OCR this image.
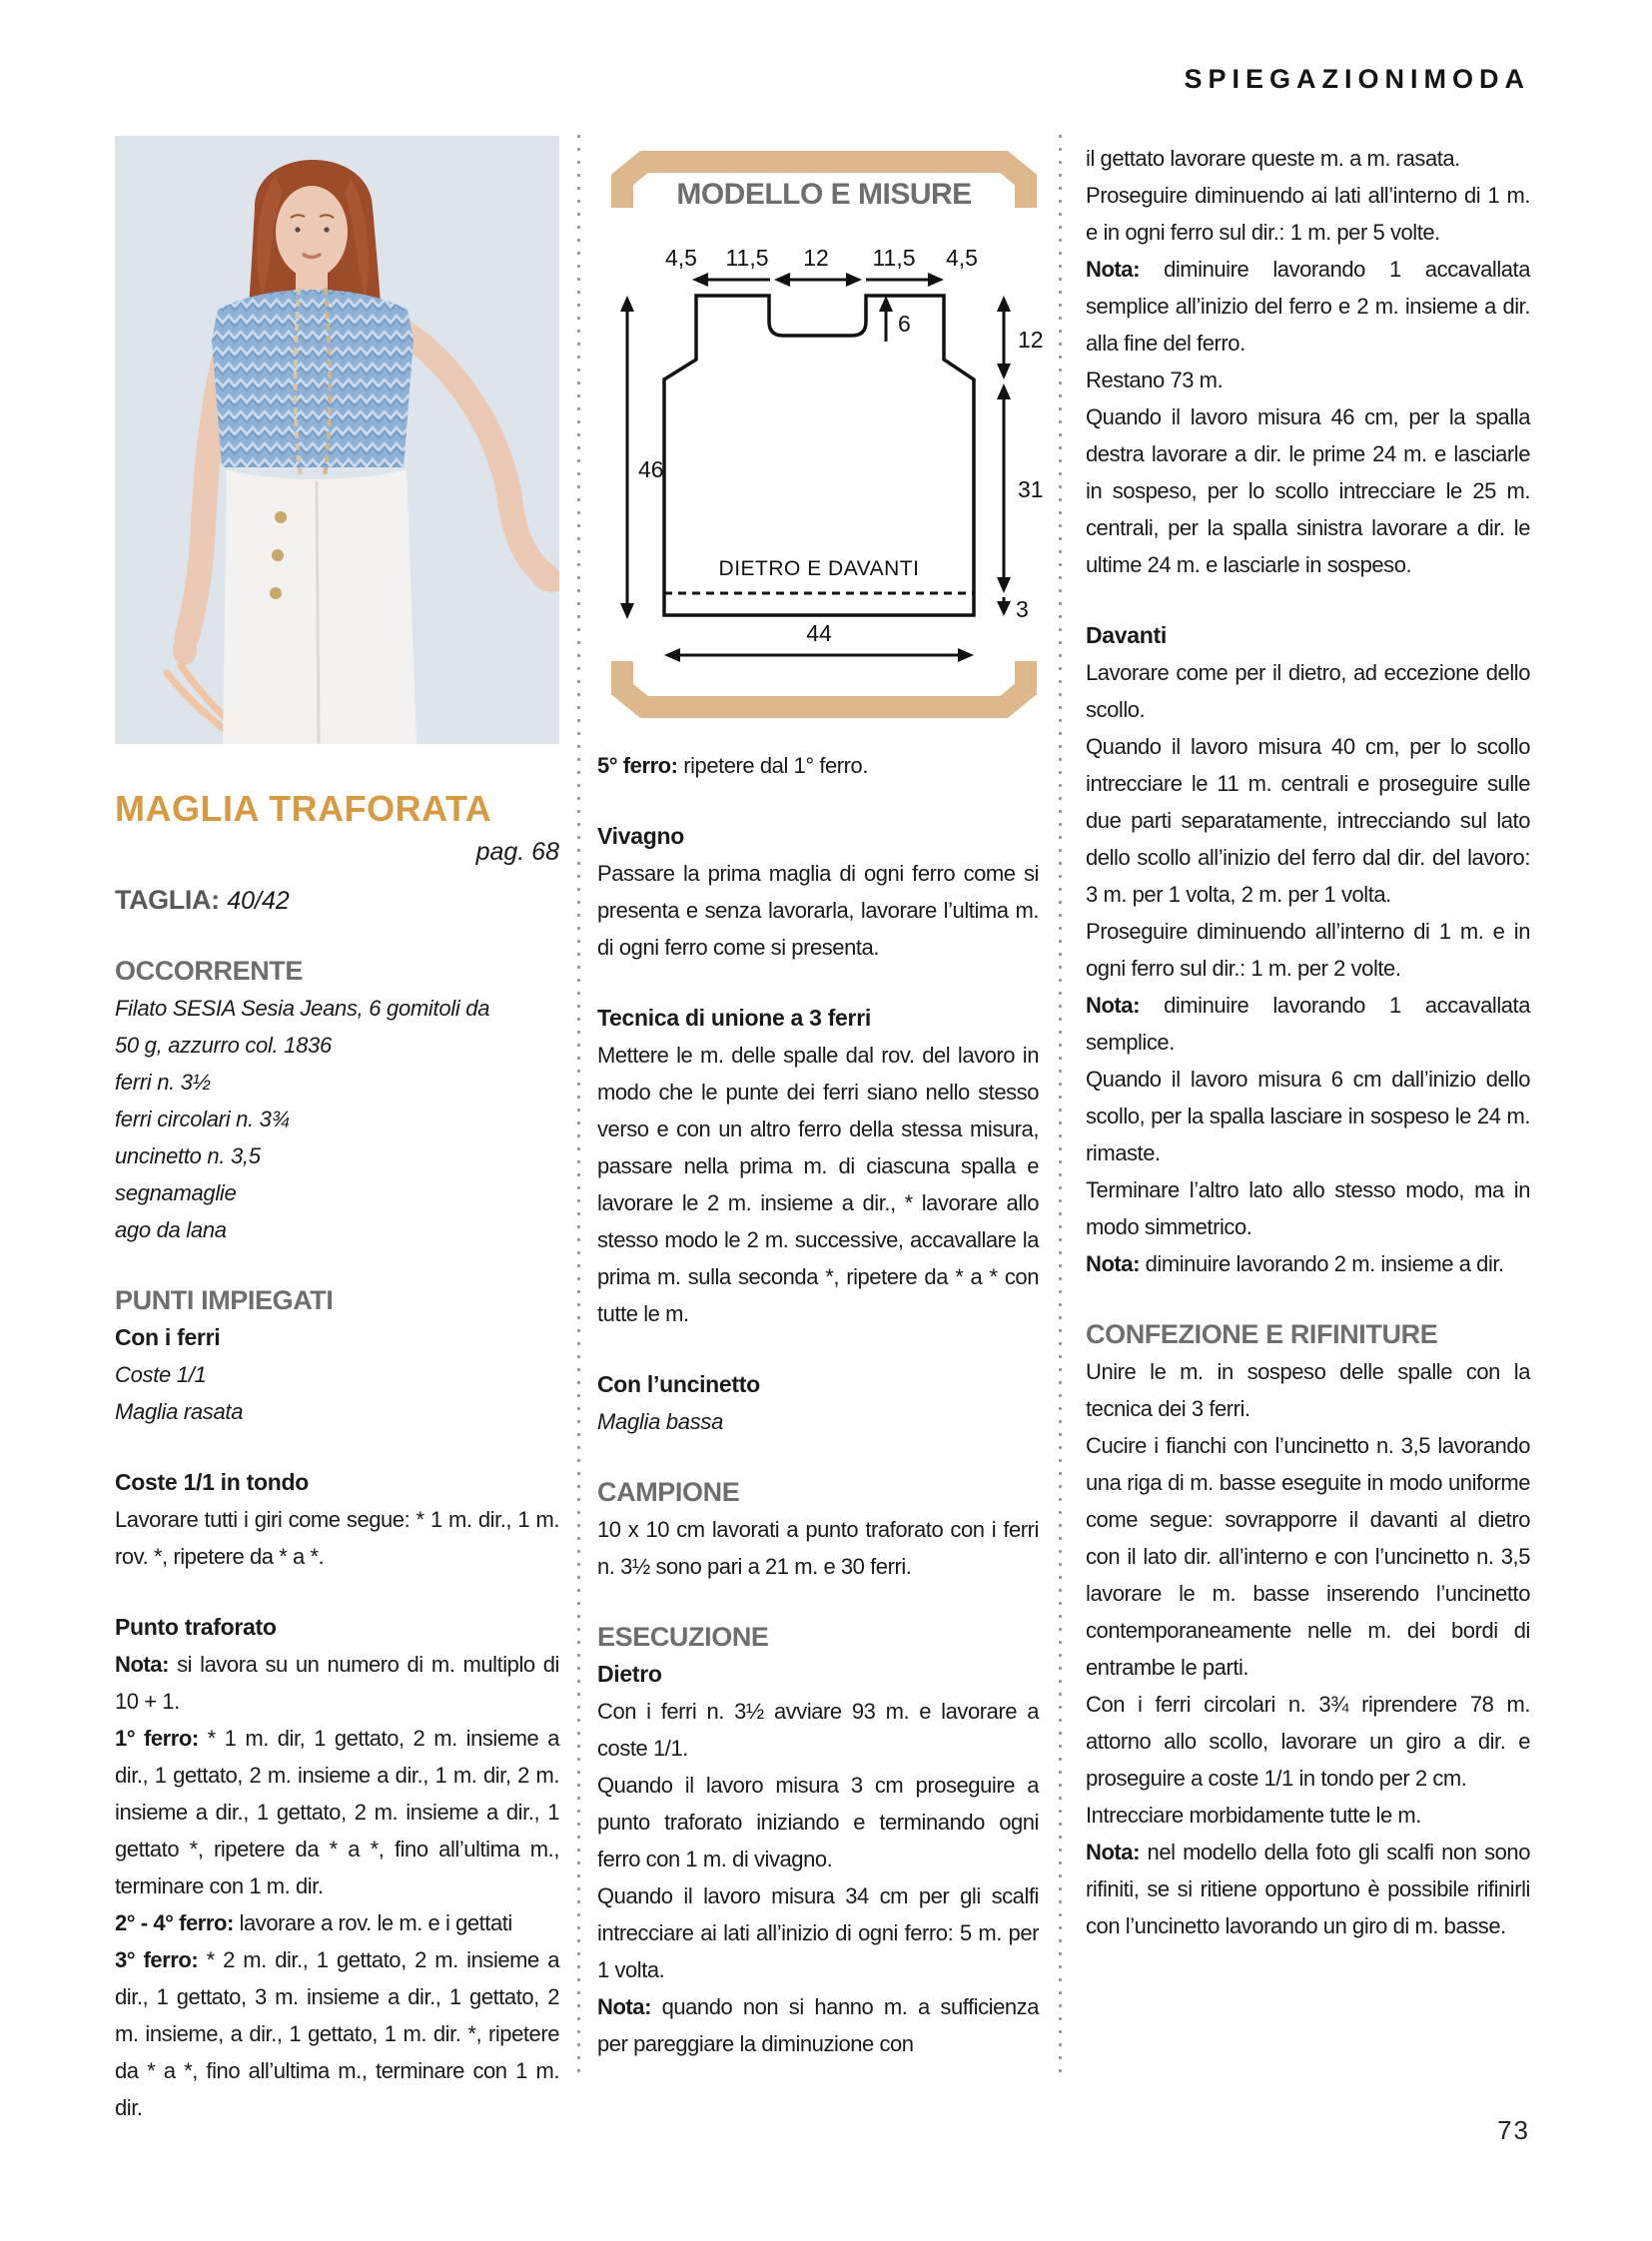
SPIEGAZIONIMODA
MAGLIA TRAFORATA
pag. 68
TAGLIA: 40/42
OCCORRENTE
Filato SESIA Sesia Jeans, 6 gomitoli da
50 g, azzurro col. 1836
ferri n. 3½
ferri circolari n. 3¾
uncinetto n. 3,5
segnamaglie
ago da lana
PUNTI IMPIEGATI
Con i ferri
Coste 1/1
Maglia rasata
Coste 1/1 in tondo
Lavorare tutti i giri come segue: * 1 m. dir., 1 m. rov. *, ripetere da * a *.
Punto traforato
Nota: si lavora su un numero di m. multiplo di 10 + 1.
1° ferro: * 1 m. dir, 1 gettato, 2 m. insieme a dir., 1 gettato, 2 m. insieme a dir., 1 m. dir, 2 m. insieme a dir., 1 gettato, 2 m. insieme a dir., 1 gettato *, ripetere da * a *, fino all’ultima m., terminare con 1 m. dir.
2° - 4° ferro: lavorare a rov. le m. e i gettati
3° ferro: * 2 m. dir., 1 gettato, 2 m. insieme a dir., 1 gettato, 3 m. insieme a dir., 1 gettato, 2 m. insieme, a dir., 1 gettato, 1 m. dir. *, ripetere da * a *, fino all’ultima m., terminare con 1 m. dir.
MODELLO E MISURE
4,5 11,5 12 11,5 4,5
DIETRO E DAVANTI
6
46
12
31
3
44
5° ferro: ripetere dal 1° ferro.
Vivagno
Passare la prima maglia di ogni ferro come si presenta e senza lavorarla, lavorare l’ultima m. di ogni ferro come si presenta.
Tecnica di unione a 3 ferri
Mettere le m. delle spalle dal rov. del lavoro in modo che le punte dei ferri siano nello stesso verso e con un altro ferro della stessa misura, passare nella prima m. di ciascuna spalla e lavorare le 2 m. insieme a dir., * lavorare allo stesso modo le 2 m. successive, accavallare la prima m. sulla seconda *, ripetere da * a * con tutte le m.
Con l’uncinetto
Maglia bassa
CAMPIONE
10 x 10 cm lavorati a punto traforato con i ferri n. 3½ sono pari a 21 m. e 30 ferri.
ESECUZIONE
Dietro
Con i ferri n. 3½ avviare 93 m. e lavorare a coste 1/1.
Quando il lavoro misura 3 cm proseguire a punto traforato iniziando e terminando ogni ferro con 1 m. di vivagno.
Quando il lavoro misura 34 cm per gli scalfi intrecciare ai lati all’inizio di ogni ferro: 5 m. per 1 volta.
Nota: quando non si hanno m. a sufficienza per pareggiare la diminuzione con
il gettato lavorare queste m. a m. rasata.
Proseguire diminuendo ai lati all’interno di 1 m. e in ogni ferro sul dir.: 1 m. per 5 volte.
Nota: diminuire lavorando 1 accavallata semplice all’inizio del ferro e 2 m. insieme a dir. alla fine del ferro.
Restano 73 m.
Quando il lavoro misura 46 cm, per la spalla destra lavorare a dir. le prime 24 m. e lasciarle in sospeso, per lo scollo intrecciare le 25 m. centrali, per la spalla sinistra lavorare a dir. le ultime 24 m. e lasciarle in sospeso.
Davanti
Lavorare come per il dietro, ad eccezione dello scollo.
Quando il lavoro misura 40 cm, per lo scollo intrecciare le 11 m. centrali e proseguire sulle due parti separatamente, intrecciando sul lato dello scollo all’inizio del ferro dal dir. del lavoro: 3 m. per 1 volta, 2 m. per 1 volta.
Proseguire diminuendo all’interno di 1 m. e in ogni ferro sul dir.: 1 m. per 2 volte.
Nota: diminuire lavorando 1 accavallata semplice.
Quando il lavoro misura 6 cm dall’inizio dello scollo, per la spalla lasciare in sospeso le 24 m. rimaste.
Terminare l’altro lato allo stesso modo, ma in modo simmetrico.
Nota: diminuire lavorando 2 m. insieme a dir.
CONFEZIONE E RIFINITURE
Unire le m. in sospeso delle spalle con la tecnica dei 3 ferri.
Cucire i fianchi con l’uncinetto n. 3,5 lavorando una riga di m. basse eseguite in modo uniforme come segue: sovrapporre il davanti al dietro con il lato dir. all’interno e con l’uncinetto n. 3,5 lavorare le m. basse inserendo l’uncinetto contemporaneamente nelle m. dei bordi di entrambe le parti.
Con i ferri circolari n. 3¾ riprendere 78 m. attorno allo scollo, lavorare un giro a dir. e proseguire a coste 1/1 in tondo per 2 cm.
Intrecciare morbidamente tutte le m.
Nota: nel modello della foto gli scalfi non sono rifiniti, se si ritiene opportuno è possibile rifinirli con l’uncinetto lavorando un giro di m. basse.
73
